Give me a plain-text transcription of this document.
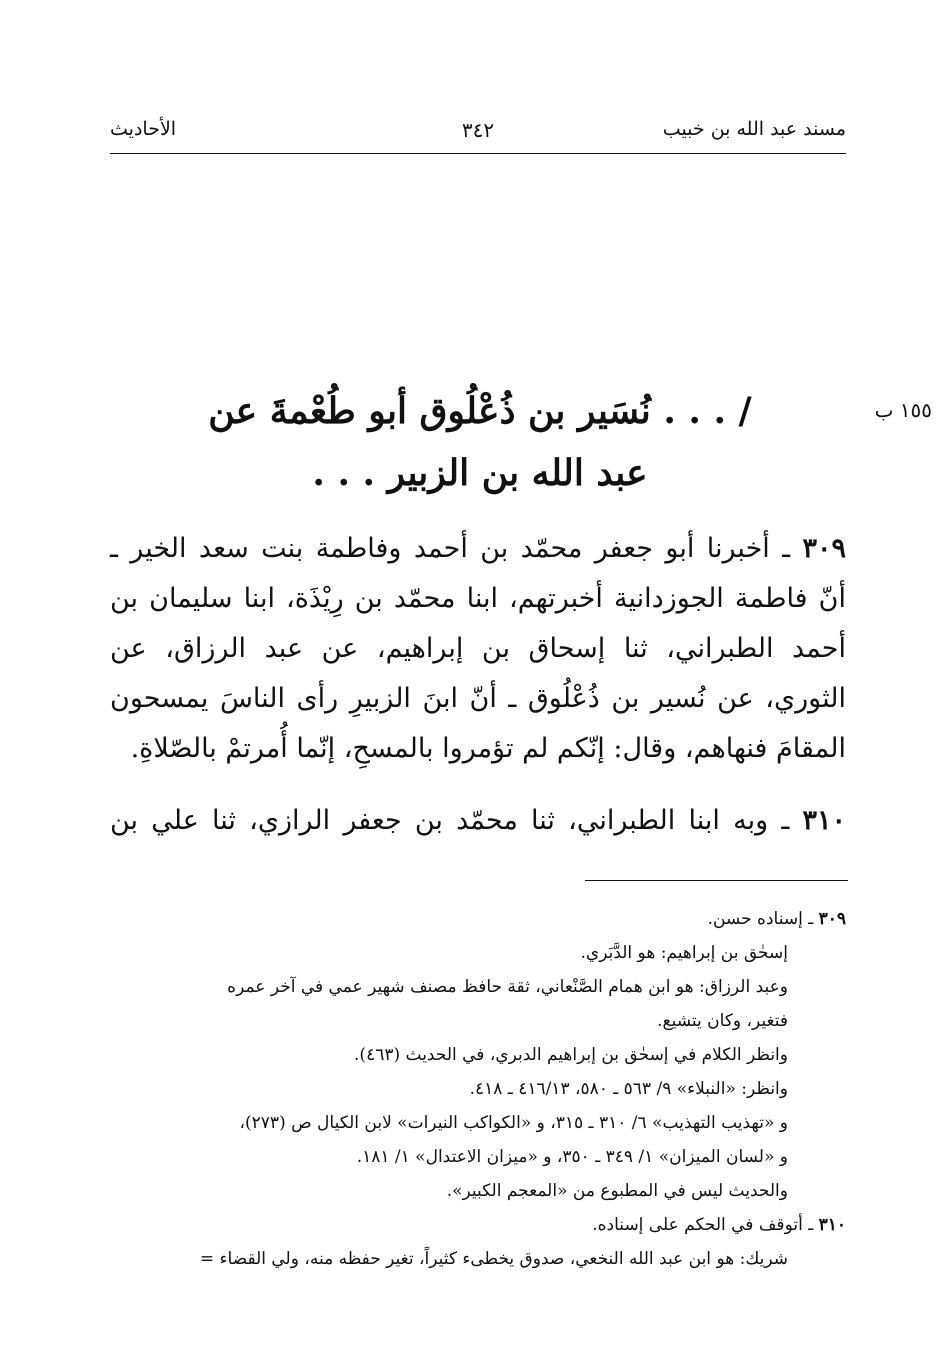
مسند عبد الله بن خبيب
٣٤٢
الأحاديث
١٥٥ ب
/ . . . نُسَير بن ذُعْلُوق أبو طُعْمةَ عن
عبد الله بن الزبير . . .
٣٠٩ ـ أخبرنا أبو جعفر محمّد بن أحمد وفاطمة بنت سعد الخير ـ
أنّ فاطمة الجوزدانية أخبرتهم، ابنا محمّد بن رِيْذَة، ابنا سليمان بن
أحمد الطبراني، ثنا إسحاق بن إبراهيم، عن عبد الرزاق، عن
الثوري، عن نُسير بن ذُعْلُوق ـ أنّ ابنَ الزبيرِ رأى الناسَ يمسحون
المقامَ فنهاهم، وقال: إنّكم لم تؤمروا بالمسحِ، إنّما أُمرتمْ بالصّلاةِ.
٣١٠ ـ وبه ابنا الطبراني، ثنا محمّد بن جعفر الرازي، ثنا علي بن
٣٠٩ ـ إسناده حسن.
إسحٰق بن إبراهيم: هو الدَّبَري.
وعبد الرزاق: هو ابن همام الصَّنْعاني، ثقة حافظ مصنف شهير عمي في آخر عمره
فتغير، وكان يتشيع.
وانظر الكلام في إسحٰق بن إبراهيم الدبري، في الحديث (٤٦٣).
وانظر: «النبلاء» ٩/ ٥٦٣ ـ ٥٨٠، ٤١٦/١٣ ـ ٤١٨.
و «تهذيب التهذيب» ٦/ ٣١٠ ـ ٣١٥، و «الكواكب النيرات» لابن الكيال ص (٢٧٣)،
و «لسان الميزان» ١/ ٣٤٩ ـ ٣٥٠، و «ميزان الاعتدال» ١/ ١٨١.
والحديث ليس في المطبوع من «المعجم الكبير».
٣١٠ ـ أتوقف في الحكم على إسناده.
شريك: هو ابن عبد الله النخعي، صدوق يخطىء كثيراً، تغير حفظه منه، ولي القضاء =
